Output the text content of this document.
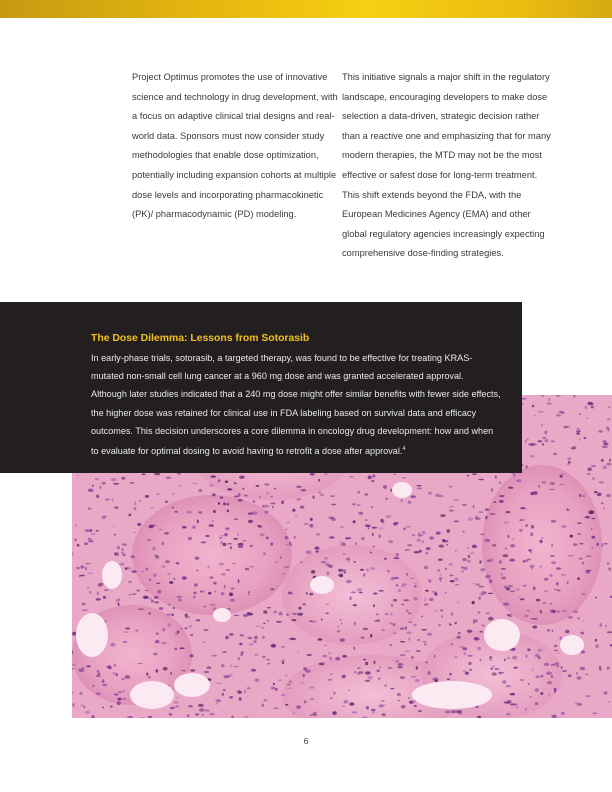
Project Optimus promotes the use of innovative science and technology in drug development, with a focus on adaptive clinical trial designs and real-world data. Sponsors must now consider study methodologies that enable dose optimization, potentially including expansion cohorts at multiple dose levels and incorporating pharmacokinetic (PK)/ pharmacodynamic (PD) modeling.

This initiative signals a major shift in the regulatory landscape, encouraging developers to make dose selection a data-driven, strategic decision rather than a reactive one and emphasizing that for many modern therapies, the MTD may not be the most effective or safest dose for long-term treatment. This shift extends beyond the FDA, with the European Medicines Agency (EMA) and other global regulatory agencies increasingly expecting comprehensive dose-finding strategies.

The Dose Dilemma: Lessons from Sotorasib

In early-phase trials, sotorasib, a targeted therapy, was found to be effective for treating KRAS-mutated non-small cell lung cancer at a 960 mg dose and was granted accelerated approval. Although later studies indicated that a 240 mg dose might offer similar benefits with fewer side effects, the higher dose was retained for clinical use in FDA labeling based on survival data and efficacy outcomes. This decision underscores a core dilemma in oncology drug development: how and when to evaluate for optimal dosing to avoid having to retrofit a dose after approval.$^4$

6
